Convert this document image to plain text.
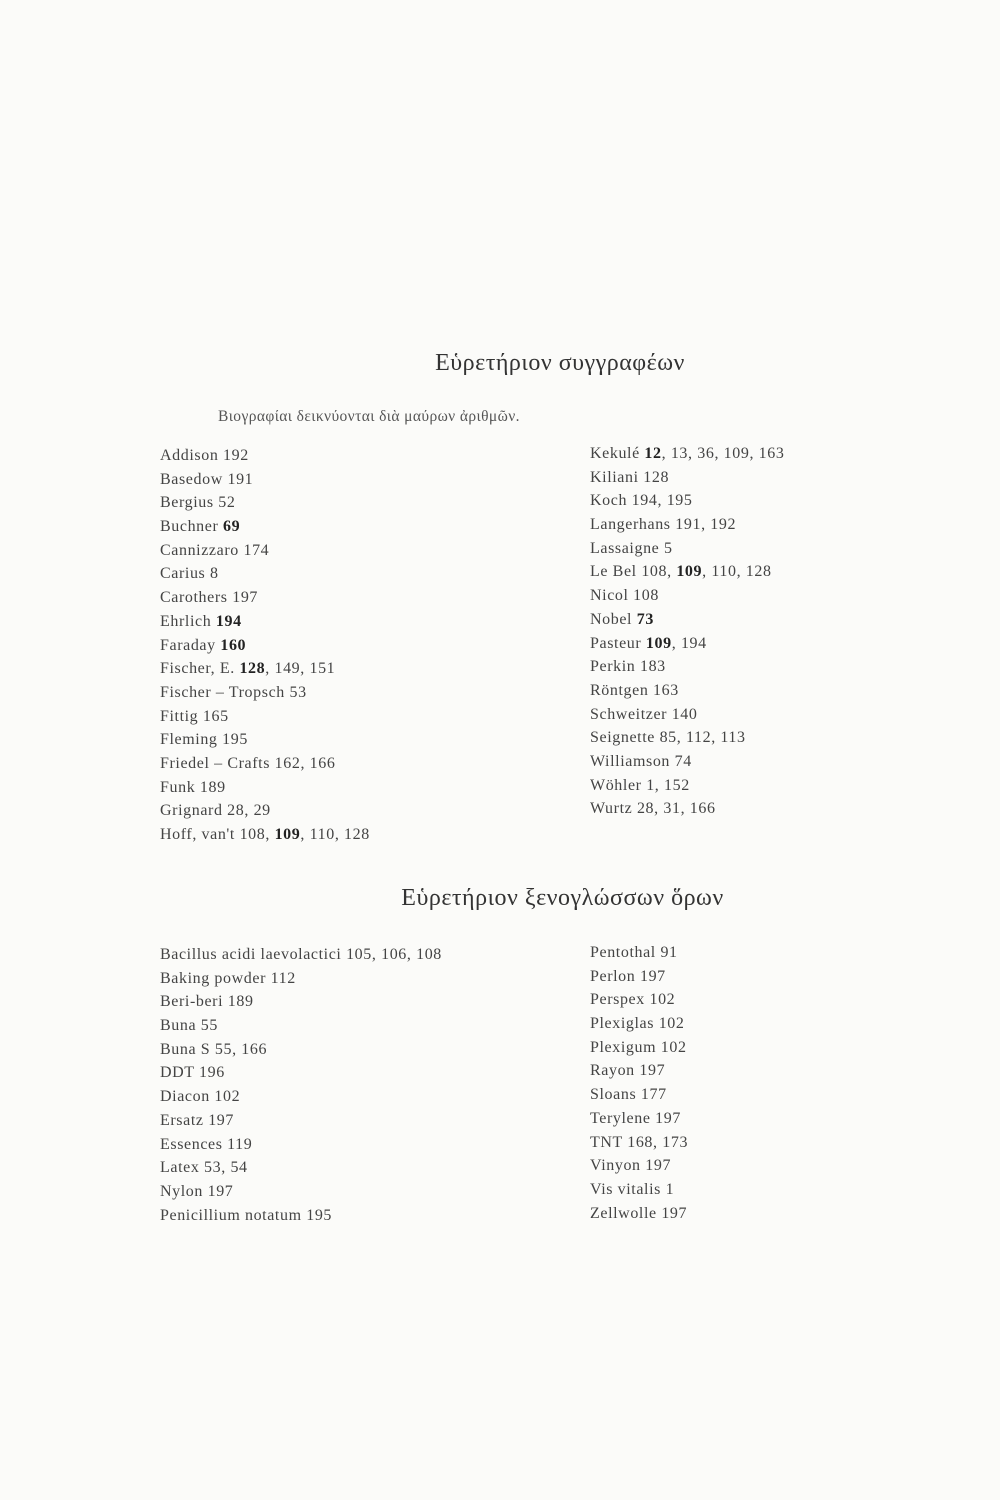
Εὑρετήριον συγγραφέων
Βιογραφίαι δεικνύονται διὰ μαύρων ἀριθμῶν.
Addison 192
Basedow 191
Bergius 52
Buchner 69
Cannizzaro 174
Carius 8
Carothers 197
Ehrlich 194
Faraday 160
Fischer, E. 128, 149, 151
Fischer – Tropsch 53
Fittig 165
Fleming 195
Friedel – Crafts 162, 166
Funk 189
Grignard 28, 29
Hoff, van't 108, 109, 110, 128
Kekulé 12, 13, 36, 109, 163
Kiliani 128
Koch 194, 195
Langerhans 191, 192
Lassaigne 5
Le Bel 108, 109, 110, 128
Nicol 108
Nobel 73
Pasteur 109, 194
Perkin 183
Röntgen 163
Schweitzer 140
Seignette 85, 112, 113
Williamson 74
Wöhler 1, 152
Wurtz 28, 31, 166
Εὑρετήριον ξενογλώσσων ὅρων
Bacillus acidi laevolactici 105, 106, 108
Baking powder 112
Beri-beri 189
Buna 55
Buna S 55, 166
DDT 196
Diacon 102
Ersatz 197
Essences 119
Latex 53, 54
Nylon 197
Penicillium notatum 195
Pentothal 91
Perlon 197
Perspex 102
Plexiglas 102
Plexigum 102
Rayon 197
Sloans 177
Terylene 197
TNT 168, 173
Vinyon 197
Vis vitalis 1
Zellwolle 197
